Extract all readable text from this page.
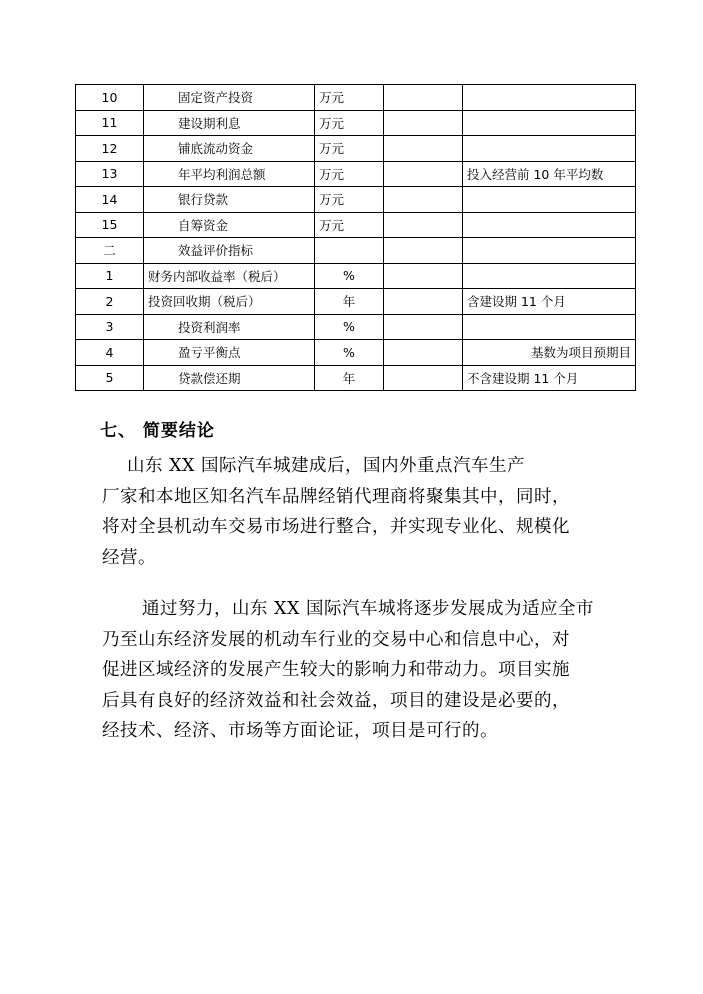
10	固定资产投资	万元		
11	建设期利息	万元		
12	铺底流动资金	万元		
13	年平均利润总额	万元		投入经营前 10 年平均数
14	银行贷款	万元		
15	自筹资金	万元		
二	效益评价指标			
1	财务内部收益率（税后）	%		
2	投资回收期（税后）	年		含建设期 11 个月
3	投资利润率	%		
4	盈亏平衡点	%		基数为项目预期目
5	贷款偿还期	年		不含建设期 11 个月
七、 简要结论
山东 XX 国际汽车城建成后，国内外重点汽车生产
厂家和本地区知名汽车品牌经销代理商将聚集其中，同时，
将对全县机动车交易市场进行整合，并实现专业化、规模化
经营。
通过努力，山东 XX 国际汽车城将逐步发展成为适应全市
乃至山东经济发展的机动车行业的交易中心和信息中心，对
促进区域经济的发展产生较大的影响力和带动力。项目实施
后具有良好的经济效益和社会效益，项目的建设是必要的，
经技术、经济、市场等方面论证，项目是可行的。
